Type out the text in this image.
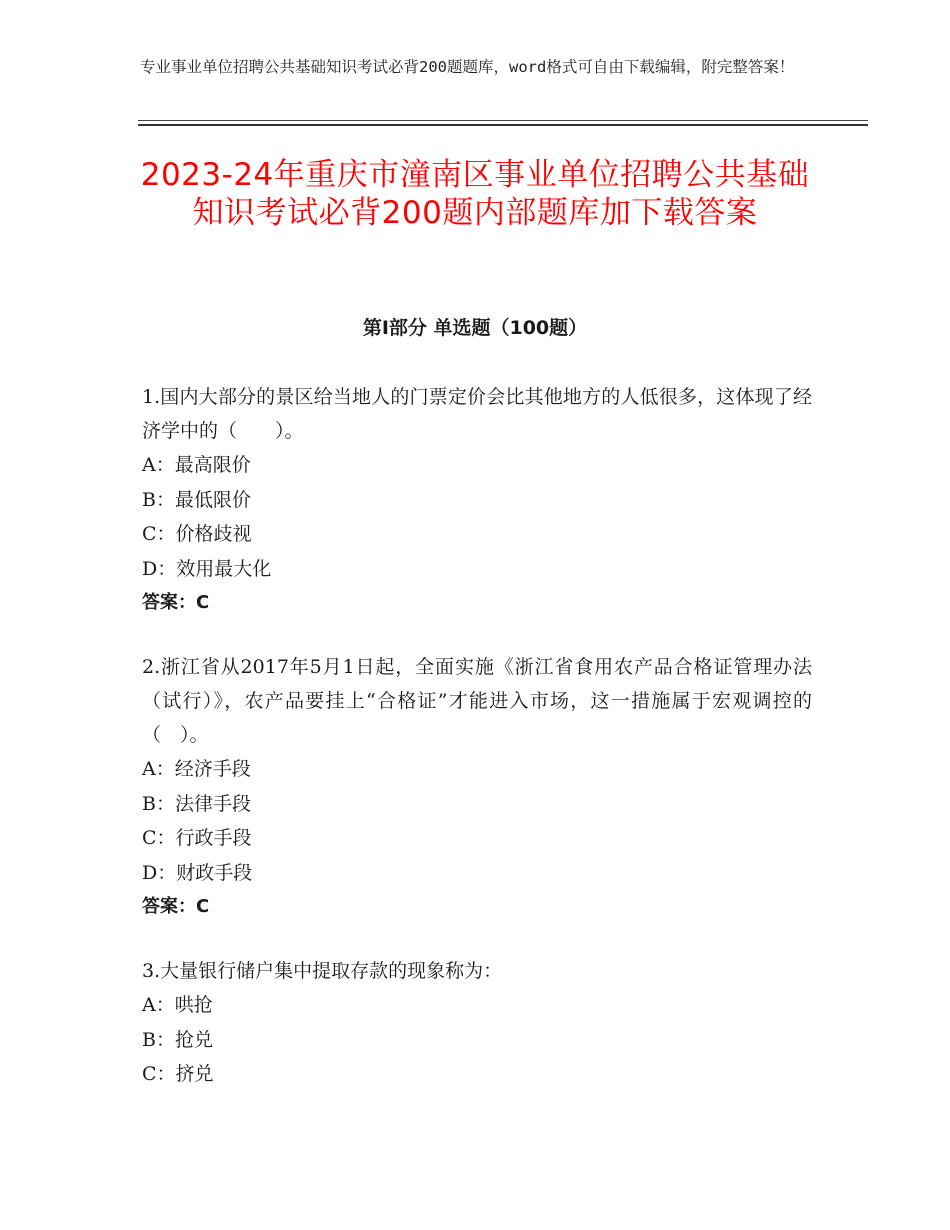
专业事业单位招聘公共基础知识考试必背200题题库，word格式可自由下载编辑，附完整答案！
2023-24年重庆市潼南区事业单位招聘公共基础知识考试必背200题内部题库加下载答案
第Ⅰ部分 单选题（100题）

1.国内大部分的景区给当地人的门票定价会比其他地方的人低很多，这体现了经济学中的（　　）。

A：最高限价

B：最低限价

C：价格歧视

D：效用最大化

答案：C

2.浙江省从2017年5月1日起，全面实施《浙江省食用农产品合格证管理办法（试行）》，农产品要挂上“合格证”才能进入市场，这一措施属于宏观调控的（　）。

A：经济手段

B：法律手段

C：行政手段

D：财政手段

答案：C

3.大量银行储户集中提取存款的现象称为：

A：哄抢

B：抢兑

C：挤兑
